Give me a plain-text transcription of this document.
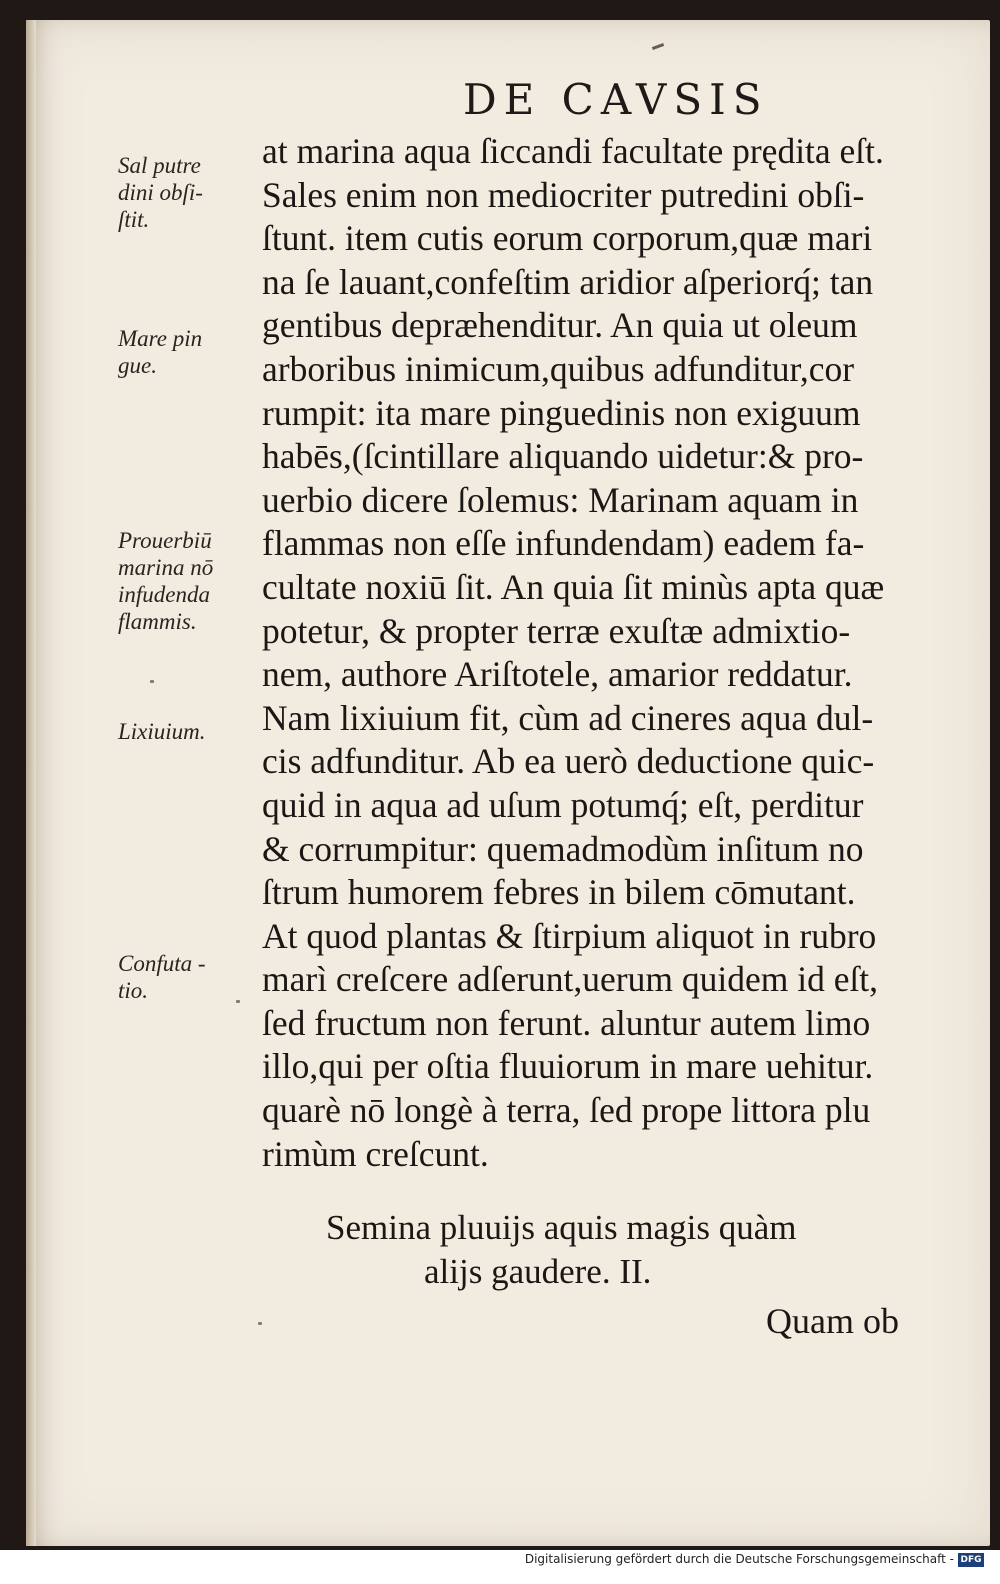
DE CAVSIS
at marina aqua ſiccandi facultate prędita eſt.
Sales enim non mediocriter putredini obſi-
ſtunt. item cutis eorum corporum,quæ mari
na ſe lauant,confeſtim aridior aſperiorq́; tan
gentibus depræhenditur. An quia ut oleum
arboribus inimicum,quibus adfunditur,cor
rumpit: ita mare pinguedinis non exiguum
habēs,(ſcintillare aliquando uidetur:& pro-
uerbio dicere ſolemus: Marinam aquam in
flammas non eſſe infundendam) eadem fa-
cultate noxiū ſit. An quia ſit minùs apta quæ
potetur, & propter terræ exuſtæ admixtio-
nem, authore Ariſtotele, amarior reddatur.
Nam lixiuium fit, cùm ad cineres aqua dul-
cis adfunditur. Ab ea uerò deductione quic-
quid in aqua ad uſum potumq́; eſt, perditur
& corrumpitur: quemadmodùm inſitum no
ſtrum humorem febres in bilem cōmutant.
At quod plantas & ſtirpium aliquot in rubro
marì creſcere adſerunt,uerum quidem id eſt,
ſed fructum non ferunt. aluntur autem limo
illo,qui per oſtia fluuiorum in mare uehitur.
quarè nō longè à terra, ſed prope littora plu
rimùm creſcunt.
Semina pluuijs aquis magis quàm
alijs gaudere. II.
Quam ob
Sal putre
dini obſi-
ſtit.
Mare pin
gue.
Prouerbiū
marina nō
infudenda
flammis.
Lixiuium.
Confuta -
tio.
Digitalisierung gefördert durch die Deutsche Forschungsgemeinschaft - DFG
